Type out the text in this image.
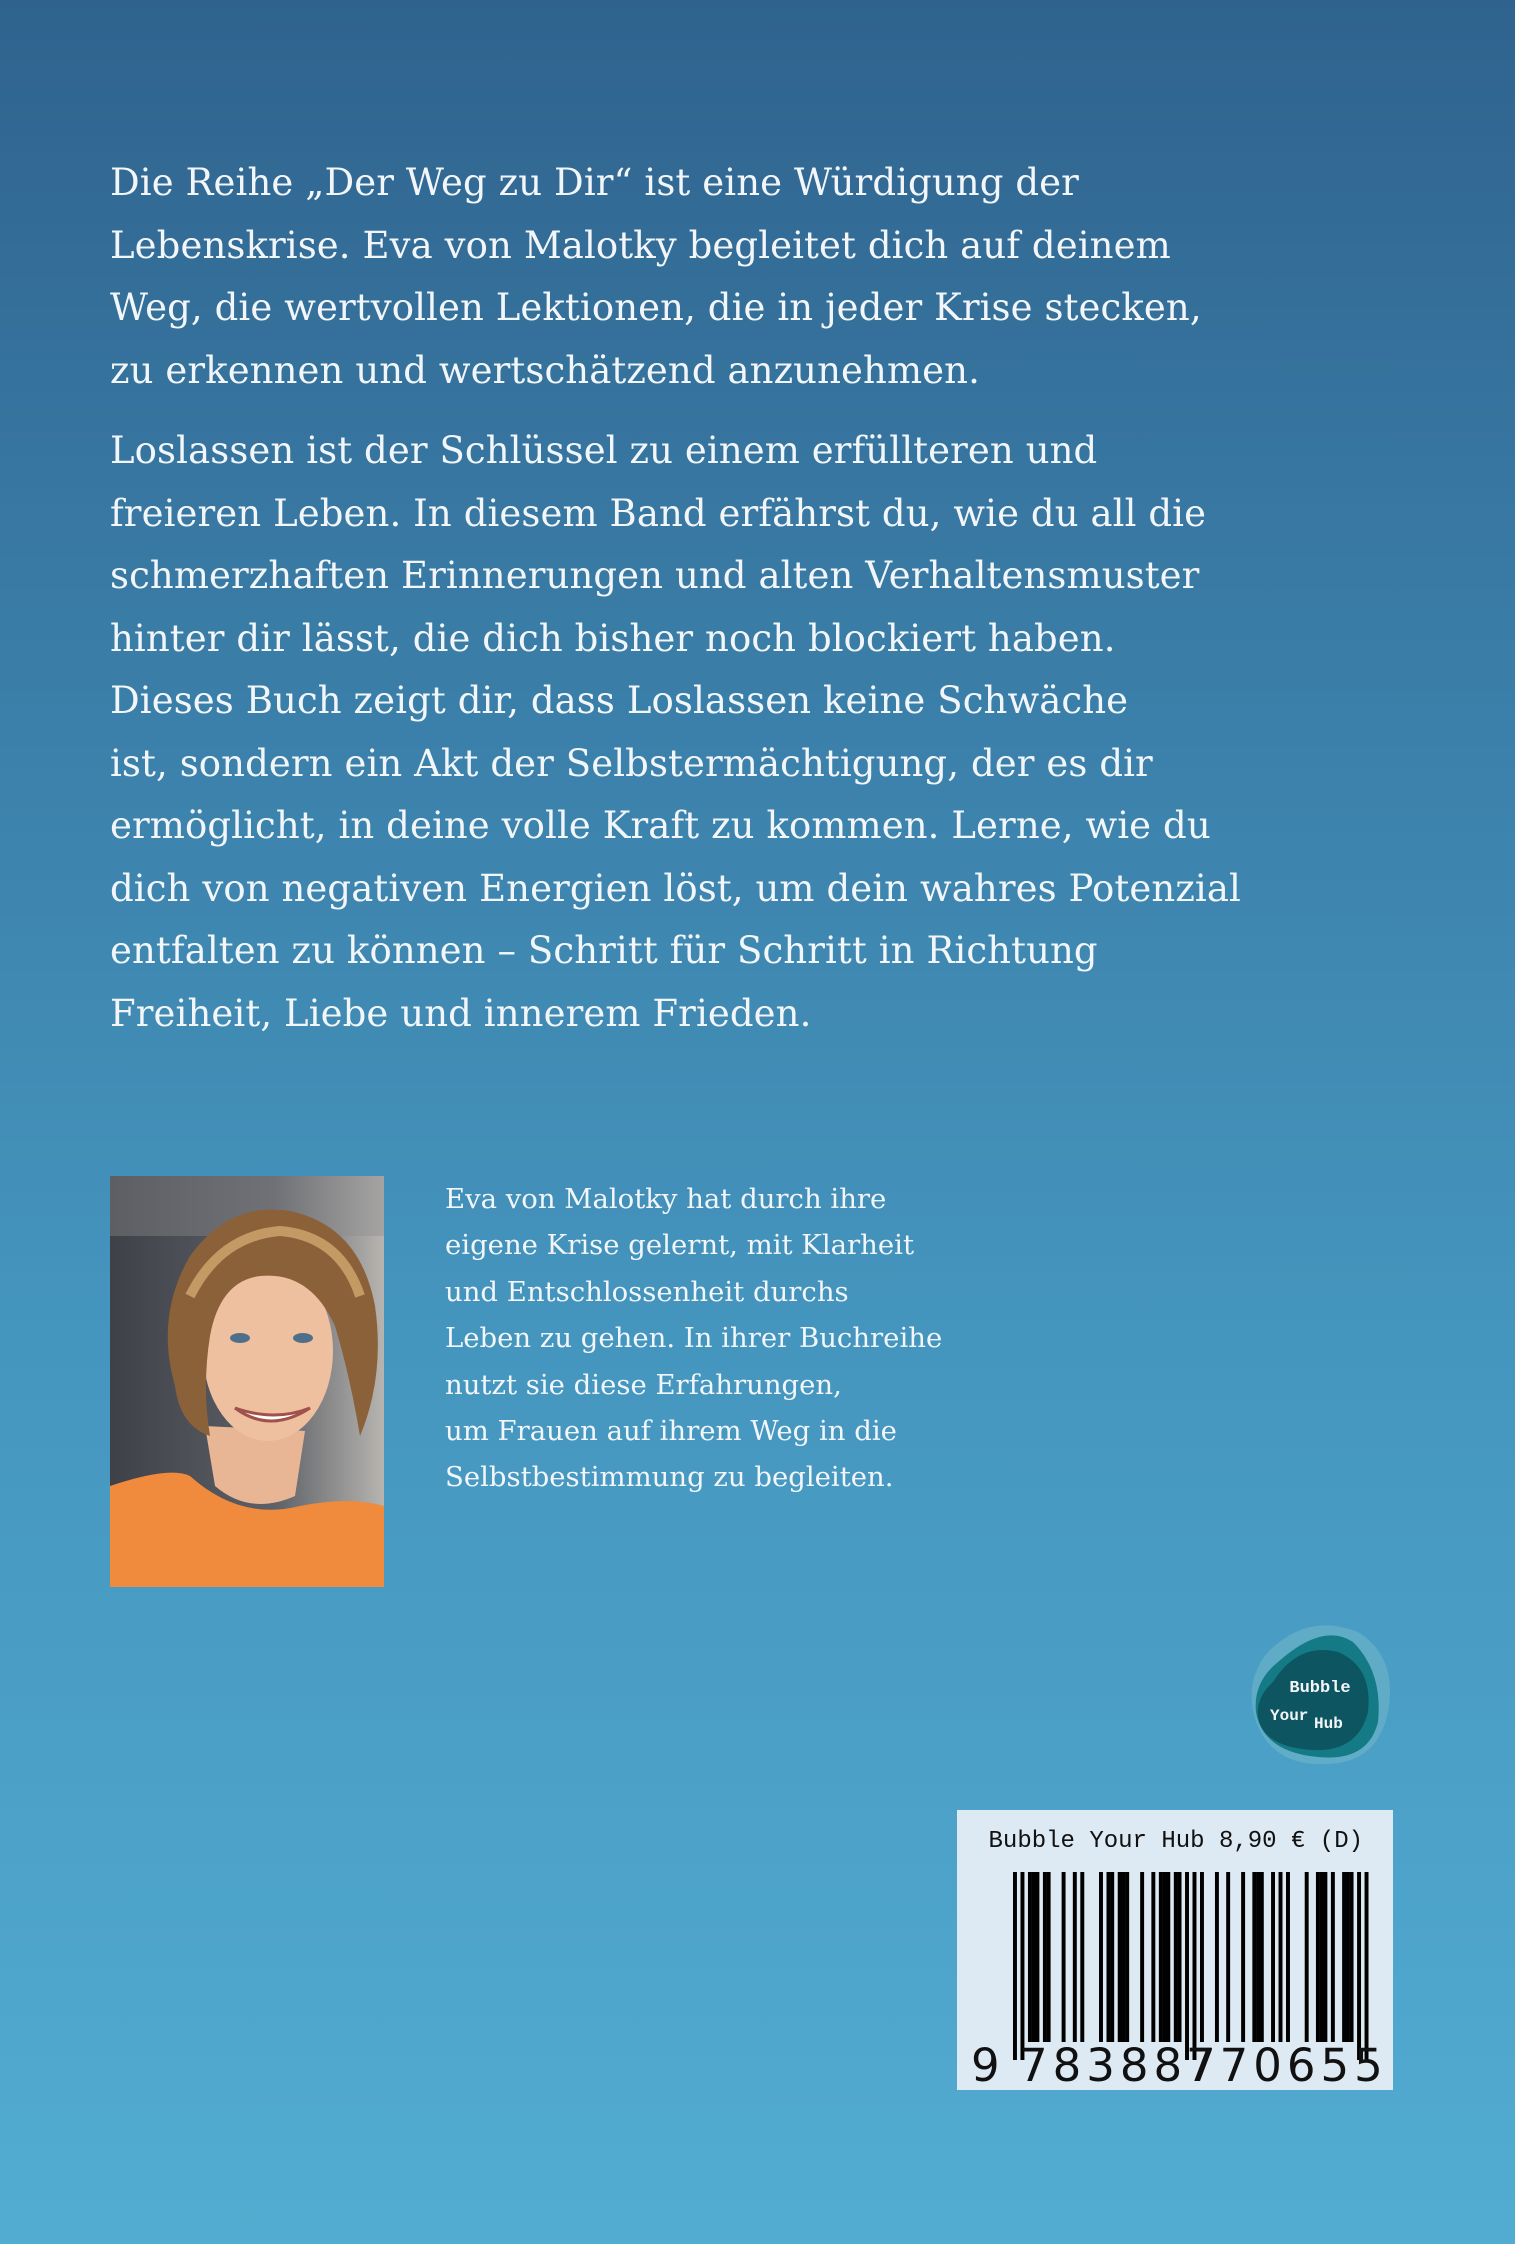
Die Reihe „Der Weg zu Dir“ ist eine Würdigung der
Lebenskrise. Eva von Malotky begleitet dich auf deinem
Weg, die wertvollen Lektionen, die in jeder Krise stecken,
zu erkennen und wertschätzend anzunehmen.
Loslassen ist der Schlüssel zu einem erfüllteren und
freieren Leben. In diesem Band erfährst du, wie du all die
schmerzhaften Erinnerungen und alten Verhaltensmuster
hinter dir lässt, die dich bisher noch blockiert haben.
Dieses Buch zeigt dir, dass Loslassen keine Schwäche
ist, sondern ein Akt der Selbstermächtigung, der es dir
ermöglicht, in deine volle Kraft zu kommen. Lerne, wie du
dich von negativen Energien löst, um dein wahres Potenzial
entfalten zu können – Schritt für Schritt in Richtung
Freiheit, Liebe und innerem Frieden.
Eva von Malotky hat durch ihre
eigene Krise gelernt, mit Klarheit
und Entschlossenheit durchs
Leben zu gehen. In ihrer Buchreihe
nutzt sie diese Erfahrungen,
um Frauen auf ihrem Weg in die
Selbstbestimmung zu begleiten.
Bubble
Your Hub
Bubble Your Hub 8,90 € (D)
9 783887
770655
